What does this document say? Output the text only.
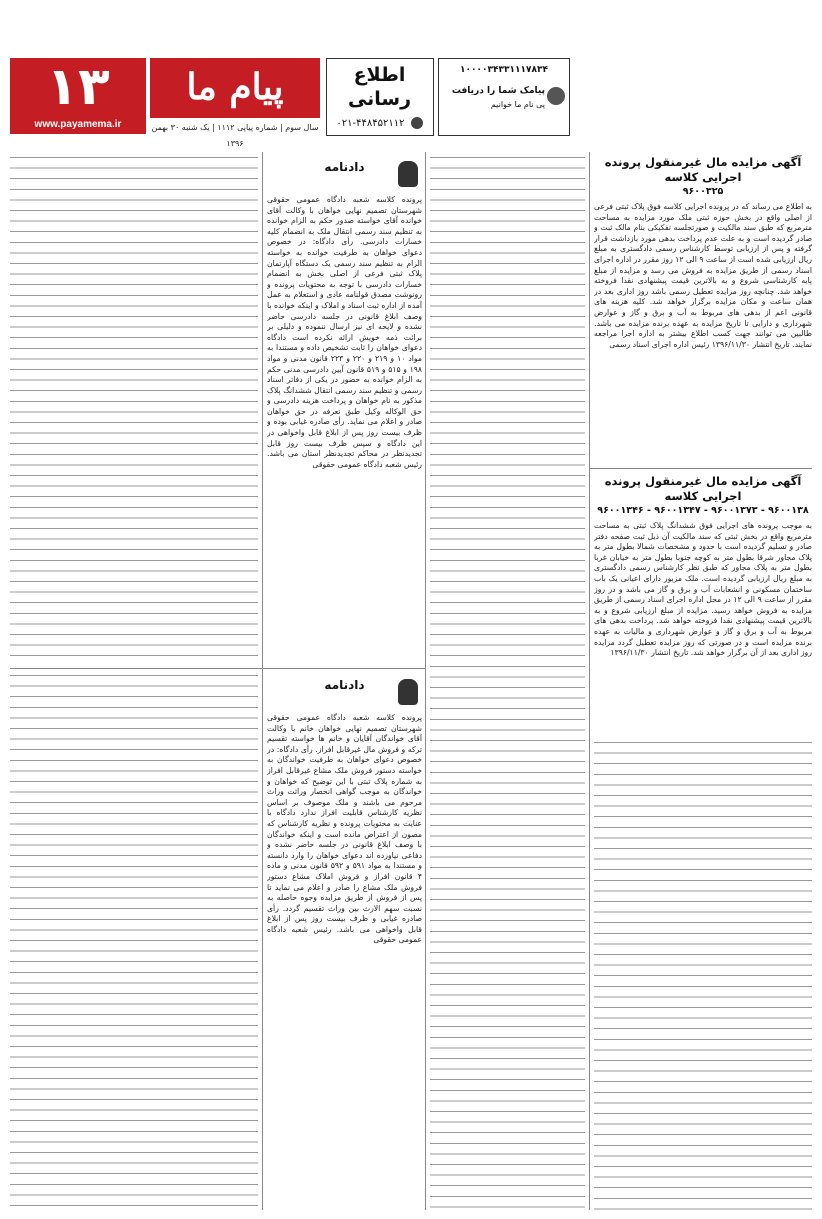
۱۳
www.payamema.ir
پیام ما
سال سوم | شماره پیاپی ۱۱۱۲ | یک شنبه ۳۰ بهمن ۱۳۹۶
اطلاع
رسانی
۰۲۱-۴۴۸۴۵۲۱۱۲
۱۰۰۰۰۳۴۳۳۱۱۱۷۸۳۴
پیامک شما را دریافت
پی نام ما خوانیم
آگهی مزایده مال غیرمنقول پرونده اجرایی کلاسه
۹۶۰۰۳۲۵
به اطلاع می رساند که در پرونده اجرایی کلاسه فوق پلاک ثبتی فرعی از اصلی واقع در بخش حوزه ثبتی ملک مورد مزایده به مساحت مترمربع که طبق سند مالکیت و صورتجلسه تفکیکی بنام مالک ثبت و صادر گردیده است و به علت عدم پرداخت بدهی مورد بازداشت قرار گرفته و پس از ارزیابی توسط کارشناس رسمی دادگستری به مبلغ ریال ارزیابی شده است از ساعت ۹ الی ۱۲ روز مقرر در اداره اجرای اسناد رسمی از طریق مزایده به فروش می رسد و مزایده از مبلغ پایه کارشناسی شروع و به بالاترین قیمت پیشنهادی نقدا فروخته خواهد شد. چنانچه روز مزایده تعطیل رسمی باشد روز اداری بعد در همان ساعت و مکان مزایده برگزار خواهد شد. کلیه هزینه های قانونی اعم از بدهی های مربوط به آب و برق و گاز و عوارض شهرداری و دارایی تا تاریخ مزایده به عهده برنده مزایده می باشد. طالبین می توانند جهت کسب اطلاع بیشتر به اداره اجرا مراجعه نمایند. تاریخ انتشار ۱۳۹۶/۱۱/۳۰ رئیس اداره اجرای اسناد رسمی
آگهی مزایده مال غیرمنقول پرونده اجرایی کلاسه
۹۶۰۰۱۳۴۶ - ۹۶۰۰۱۳۴۷ - ۹۶۰۰۱۳۷۳ - ۹۶۰۰۱۳۸
به موجب پرونده های اجرایی فوق ششدانگ پلاک ثبتی به مساحت مترمربع واقع در بخش ثبتی که سند مالکیت آن ذیل ثبت صفحه دفتر صادر و تسلیم گردیده است با حدود و مشخصات شمالا بطول متر به پلاک مجاور شرقا بطول متر به کوچه جنوبا بطول متر به خیابان غربا بطول متر به پلاک مجاور که طبق نظر کارشناس رسمی دادگستری به مبلغ ریال ارزیابی گردیده است. ملک مزبور دارای اعیانی یک باب ساختمان مسکونی و انشعابات آب و برق و گاز می باشد و در روز مقرر از ساعت ۹ الی ۱۲ در محل اداره اجرای اسناد رسمی از طریق مزایده به فروش خواهد رسید. مزایده از مبلغ ارزیابی شروع و به بالاترین قیمت پیشنهادی نقدا فروخته خواهد شد. پرداخت بدهی های مربوط به آب و برق و گاز و عوارض شهرداری و مالیات به عهده برنده مزایده است و در صورتی که روز مزایده تعطیل گردد مزایده روز اداری بعد از آن برگزار خواهد شد. تاریخ انتشار ۱۳۹۶/۱۱/۳۰
دادنامه
پرونده کلاسه شعبه دادگاه عمومی حقوقی شهرستان تصمیم نهایی خواهان با وکالت آقای خوانده آقای خواسته صدور حکم به الزام خوانده به تنظیم سند رسمی انتقال ملک به انضمام کلیه خسارات دادرسی. رأی دادگاه: در خصوص دعوای خواهان به طرفیت خوانده به خواسته الزام به تنظیم سند رسمی یک دستگاه آپارتمان پلاک ثبتی فرعی از اصلی بخش به انضمام خسارات دادرسی با توجه به محتویات پرونده و رونوشت مصدق قولنامه عادی و استعلام به عمل آمده از اداره ثبت اسناد و املاک و اینکه خوانده با وصف ابلاغ قانونی در جلسه دادرسی حاضر نشده و لایحه ای نیز ارسال ننموده و دلیلی بر برائت ذمه خویش ارائه نکرده است دادگاه دعوای خواهان را ثابت تشخیص داده و مستندا به مواد ۱۰ و ۲۱۹ و ۲۲۰ و ۲۲۳ قانون مدنی و مواد ۱۹۸ و ۵۱۵ و ۵۱۹ قانون آیین دادرسی مدنی حکم به الزام خوانده به حضور در یکی از دفاتر اسناد رسمی و تنظیم سند رسمی انتقال ششدانگ پلاک مذکور به نام خواهان و پرداخت هزینه دادرسی و حق الوکاله وکیل طبق تعرفه در حق خواهان صادر و اعلام می نماید. رأی صادره غیابی بوده و ظرف بیست روز پس از ابلاغ قابل واخواهی در این دادگاه و سپس ظرف بیست روز قابل تجدیدنظر در محاکم تجدیدنظر استان می باشد. رئیس شعبه دادگاه عمومی حقوقی
دادنامه
پرونده کلاسه شعبه دادگاه عمومی حقوقی شهرستان تصمیم نهایی خواهان خانم با وکالت آقای خواندگان آقایان و خانم ها خواسته تقسیم ترکه و فروش مال غیرقابل افراز. رأی دادگاه: در خصوص دعوای خواهان به طرفیت خواندگان به خواسته دستور فروش ملک مشاع غیرقابل افراز به شماره پلاک ثبتی با این توضیح که خواهان و خواندگان به موجب گواهی انحصار وراثت وراث مرحوم می باشند و ملک موصوف بر اساس نظریه کارشناس قابلیت افراز ندارد دادگاه با عنایت به محتویات پرونده و نظریه کارشناس که مصون از اعتراض مانده است و اینکه خواندگان با وصف ابلاغ قانونی در جلسه حاضر نشده و دفاعی نیاورده اند دعوای خواهان را وارد دانسته و مستندا به مواد ۵۹۱ و ۵۹۲ قانون مدنی و ماده ۴ قانون افراز و فروش املاک مشاع دستور فروش ملک مشاع را صادر و اعلام می نماید تا پس از فروش از طریق مزایده وجوه حاصله به نسبت سهم الارث بین وراث تقسیم گردد. رأی صادره غیابی و ظرف بیست روز پس از ابلاغ قابل واخواهی می باشد. رئیس شعبه دادگاه عمومی حقوقی
